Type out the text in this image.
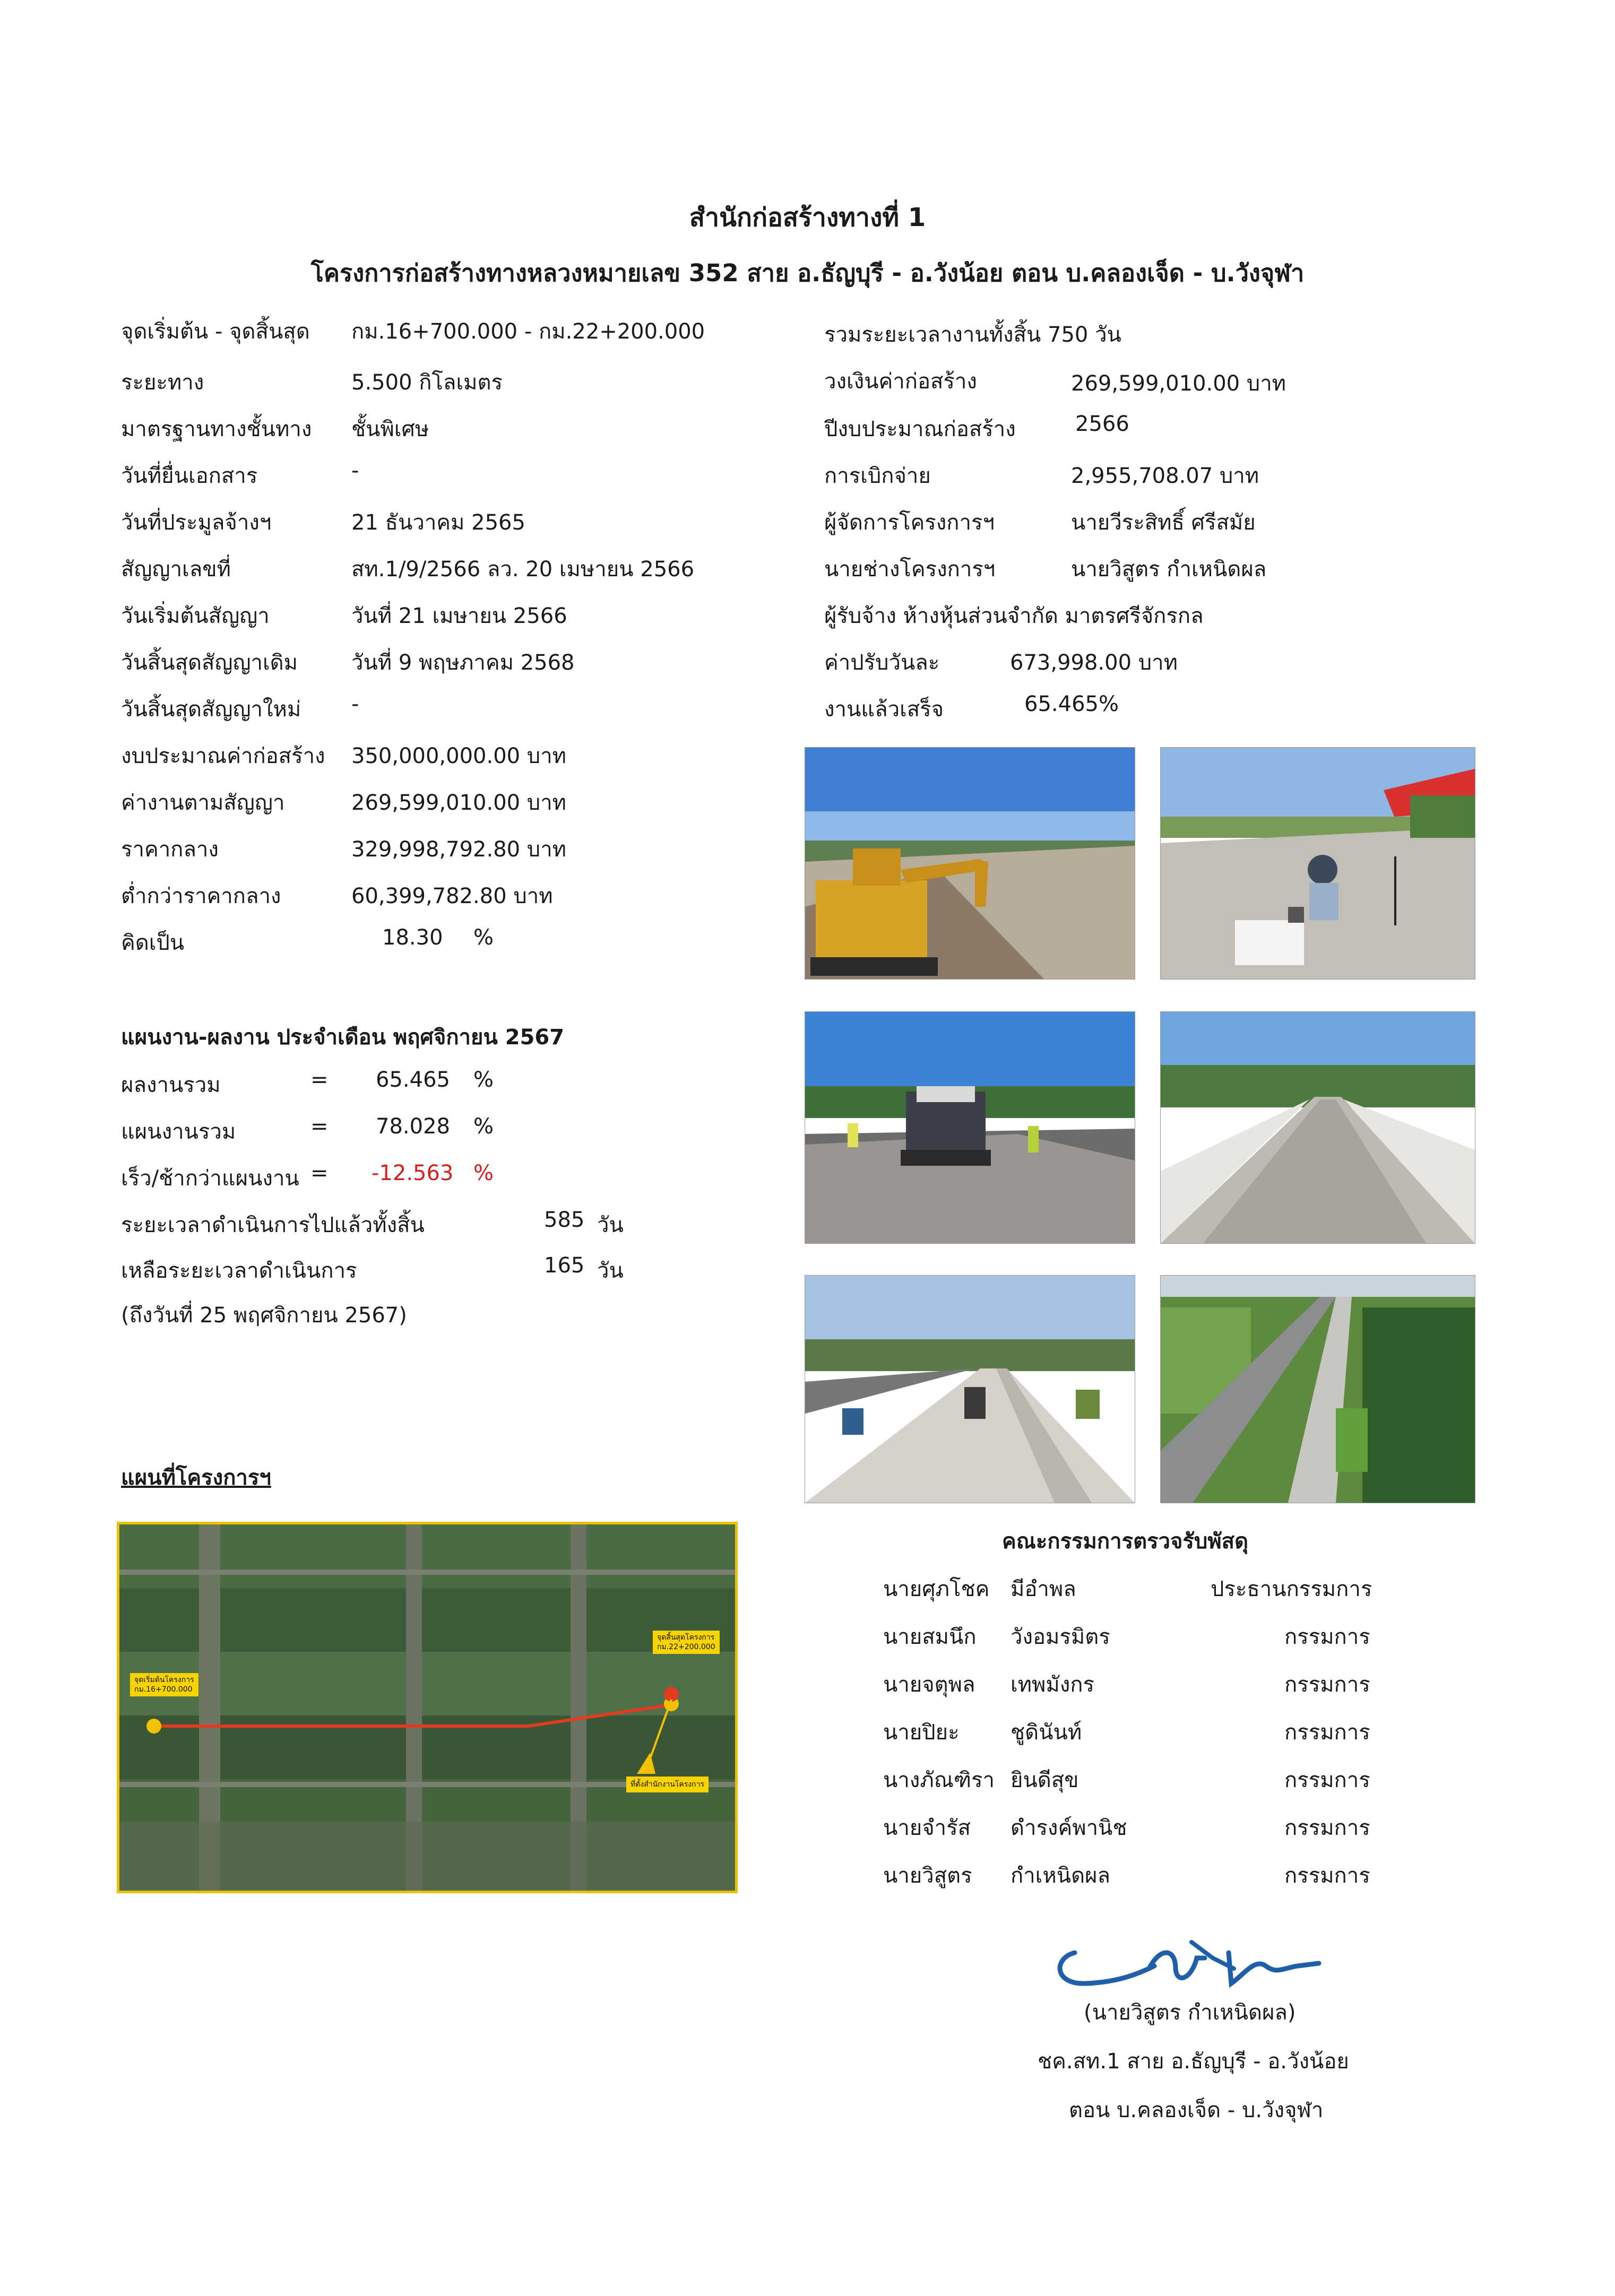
สำนักก่อสร้างทางที่ 1
โครงการก่อสร้างทางหลวงหมายเลข 352 สาย อ.ธัญบุรี - อ.วังน้อย ตอน บ.คลองเจ็ด - บ.วังจุฬา
จุดเริ่มต้น - จุดสิ้นสุด กม.16+700.000 - กม.22+200.000
ระยะทาง	5.500 กิโลเมตร
มาตรฐานทางชั้นทาง ชั้นพิเศษ
วันที่ยื่นเอกสาร	-
วันที่ประมูลจ้างฯ	21 ธันวาคม 2565
สัญญาเลขที่	สท.1/9/2566 ลว. 20 เมษายน 2566
วันเริ่มต้นสัญญา	วันที่ 21 เมษายน 2566
วันสิ้นสุดสัญญาเดิม	วันที่ 9 พฤษภาคม 2568
วันสิ้นสุดสัญญาใหม่ -
งบประมาณค่าก่อสร้าง 350,000,000.00 บาท
ค่างานตามสัญญา	269,599,010.00 บาท
ราคากลาง	329,998,792.80 บาท
ต่ำกว่าราคากลาง	60,399,782.80 บาท
คิดเป็น	18.30 %
รวมระยะเวลางานทั้งสิ้น 750 วัน
วงเงินค่าก่อสร้าง	269,599,010.00 บาท
ปีงบประมาณก่อสร้าง	2566
การเบิกจ่าย	2,955,708.07 บาท
ผู้จัดการโครงการฯ	นายวีระสิทธิ์ ศรีสมัย
นายช่างโครงการฯ	นายวิสูตร กำเหนิดผล
ผู้รับจ้าง ห้างหุ้นส่วนจำกัด มาตรศรีจักรกล
ค่าปรับวันละ	673,998.00 บาท
งานแล้วเสร็จ	65.465%
แผนงาน-ผลงาน ประจำเดือน พฤศจิกายน 2567
ผลงานรวม	= 65.465 %
แผนงานรวม	= 78.028 %
เร็ว/ช้ากว่าแผนงาน = -12.563 %
ระยะเวลาดำเนินการไปแล้วทั้งสิ้น	585 วัน
เหลือระยะเวลาดำเนินการ	165 วัน
(ถึงวันที่ 25 พฤศจิกายน 2567)
แผนที่โครงการฯ
จุดเริ่มต้นโครงการ
กม.16+700.000
จุดสิ้นสุดโครงการ
กม.22+200.000
ที่ตั้งสำนักงานโครงการ
คณะกรรมการตรวจรับพัสดุ
นายศุภโชค มีอำพล	ประธานกรรมการ
นายสมนึก วังอมรมิตร	กรรมการ
นายจตุพล เทพมังกร	กรรมการ
นายปิยะ ชูดินันท์	กรรมการ
นางภัณฑิรา ยินดีสุข	กรรมการ
นายจำรัส ดำรงค์พานิช	กรรมการ
นายวิสูตร กำเหนิดผล	กรรมการ
(นายวิสูตร กำเหนิดผล)
ชค.สท.1 สาย อ.ธัญบุรี - อ.วังน้อย
ตอน บ.คลองเจ็ด - บ.วังจุฬา
